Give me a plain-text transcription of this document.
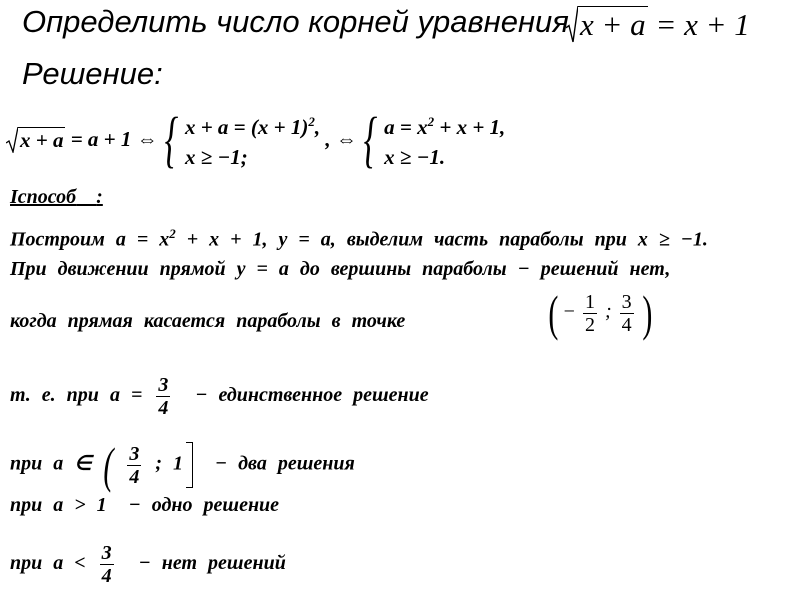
Определить число корней уравнения x + a = x + 1
Решение:
x + a = a + 1 ⇔ { $x + a = (x + 1)^2$,
x ≥ −1;
, ⇔ { $a = x^2 + x + 1$,
x ≥ −1.
Іспособ :
Построим $a = x^2 + x + 1$, y = a, выделим часть параболы при x ≥ −1.
При движении прямой y = a до вершины параболы − решений нет,
когда прямая касается параболы в точке	( − $\frac{1}{2}$ ; $\frac{3}{4}$ )
т. е. при $a = \frac{3}{4}$ − единственное решение
при a ∈ ( $\frac{3}{4}$ ; 1 − два решения
при a > 1 − одно решение
при $a < \frac{3}{4}$ − нет решений
